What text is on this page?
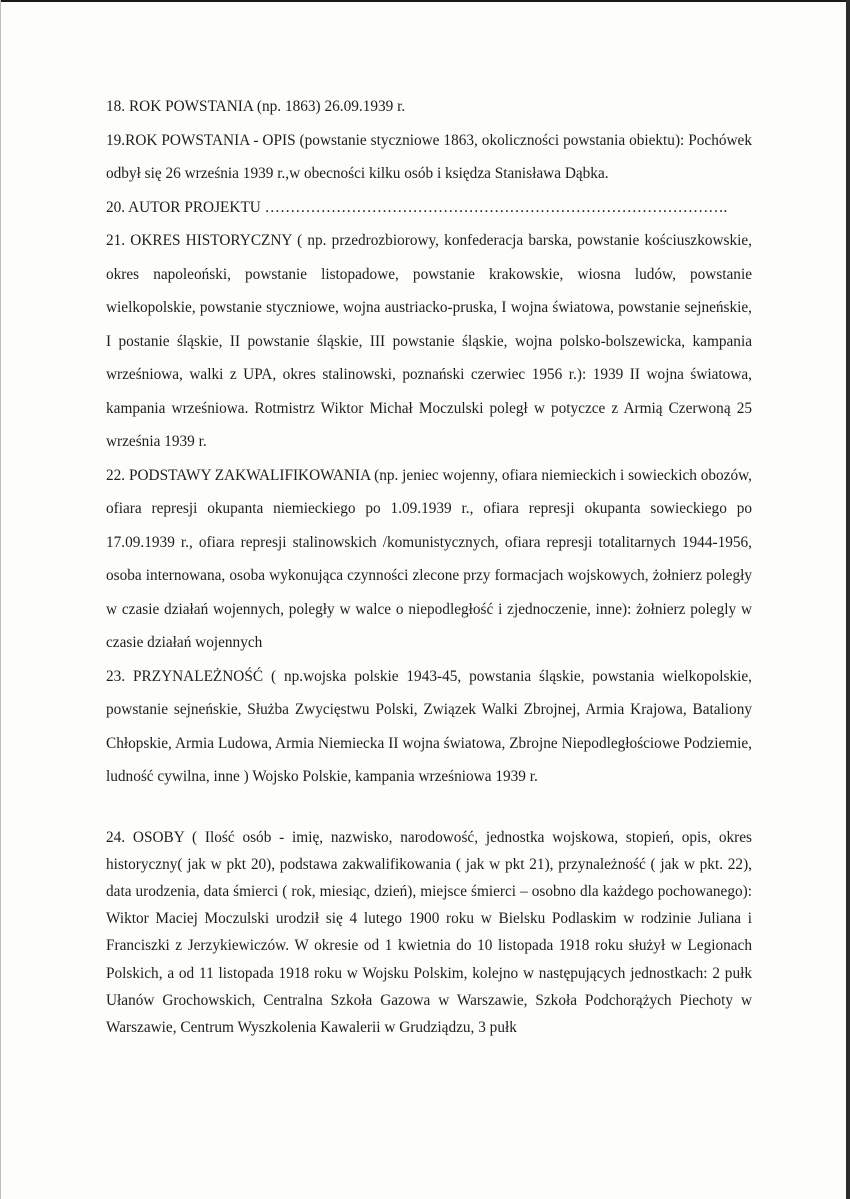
18. ROK POWSTANIA (np. 1863) 26.09.1939 r.

19.ROK POWSTANIA - OPIS (powstanie styczniowe 1863, okoliczności powstania obiektu): Pochówek odbył się 26 września 1939 r.,w obecności kilku osób i księdza Stanisława Dąbka.

20. AUTOR PROJEKTU ……………………………………………………………………………….

21. OKRES HISTORYCZNY ( np. przedrozbiorowy, konfederacja barska, powstanie kościuszkowskie, okres napoleoński, powstanie listopadowe, powstanie krakowskie, wiosna ludów, powstanie wielkopolskie, powstanie styczniowe, wojna austriacko-pruska, I wojna światowa, powstanie sejneńskie, I postanie śląskie, II powstanie śląskie, III powstanie śląskie, wojna polsko-bolszewicka, kampania wrześniowa, walki z UPA, okres stalinowski, poznański czerwiec 1956 r.): 1939 II wojna światowa, kampania wrześniowa. Rotmistrz Wiktor Michał Moczulski poległ w potyczce z Armią Czerwoną 25 września 1939 r.

22. PODSTAWY ZAKWALIFIKOWANIA (np. jeniec wojenny, ofiara niemieckich i sowieckich obozów, ofiara represji okupanta niemieckiego po 1.09.1939 r., ofiara represji okupanta sowieckiego po 17.09.1939 r., ofiara represji stalinowskich /komunistycznych, ofiara represji totalitarnych 1944-1956, osoba internowana, osoba wykonująca czynności zlecone przy formacjach wojskowych, żołnierz poległy w czasie działań wojennych, poległy w walce o niepodległość i zjednoczenie, inne): żołnierz polegly w czasie działań wojennych

23. PRZYNALEŻNOŚĆ ( np.wojska polskie 1943-45, powstania śląskie, powstania wielkopolskie, powstanie sejneńskie, Służba Zwycięstwu Polski, Związek Walki Zbrojnej, Armia Krajowa, Bataliony Chłopskie, Armia Ludowa, Armia Niemiecka II wojna światowa, Zbrojne Niepodległościowe Podziemie, ludność cywilna, inne ) Wojsko Polskie, kampania wrześniowa 1939 r.

24. OSOBY ( Ilość osób - imię, nazwisko, narodowość, jednostka wojskowa, stopień, opis, okres historyczny( jak w pkt 20), podstawa zakwalifikowania ( jak w pkt 21), przynależność ( jak w pkt. 22), data urodzenia, data śmierci ( rok, miesiąc, dzień), miejsce śmierci – osobno dla każdego pochowanego): Wiktor Maciej Moczulski urodził się 4 lutego 1900 roku w Bielsku Podlaskim w rodzinie Juliana i Franciszki z Jerzykiewiczów. W okresie od 1 kwietnia do 10 listopada 1918 roku służył w Legionach Polskich, a od 11 listopada 1918 roku w Wojsku Polskim, kolejno w następujących jednostkach: 2 pułk Ułanów Grochowskich, Centralna Szkoła Gazowa w Warszawie, Szkoła Podchorążych Piechoty w Warszawie, Centrum Wyszkolenia Kawalerii w Grudziądzu, 3 pułk
